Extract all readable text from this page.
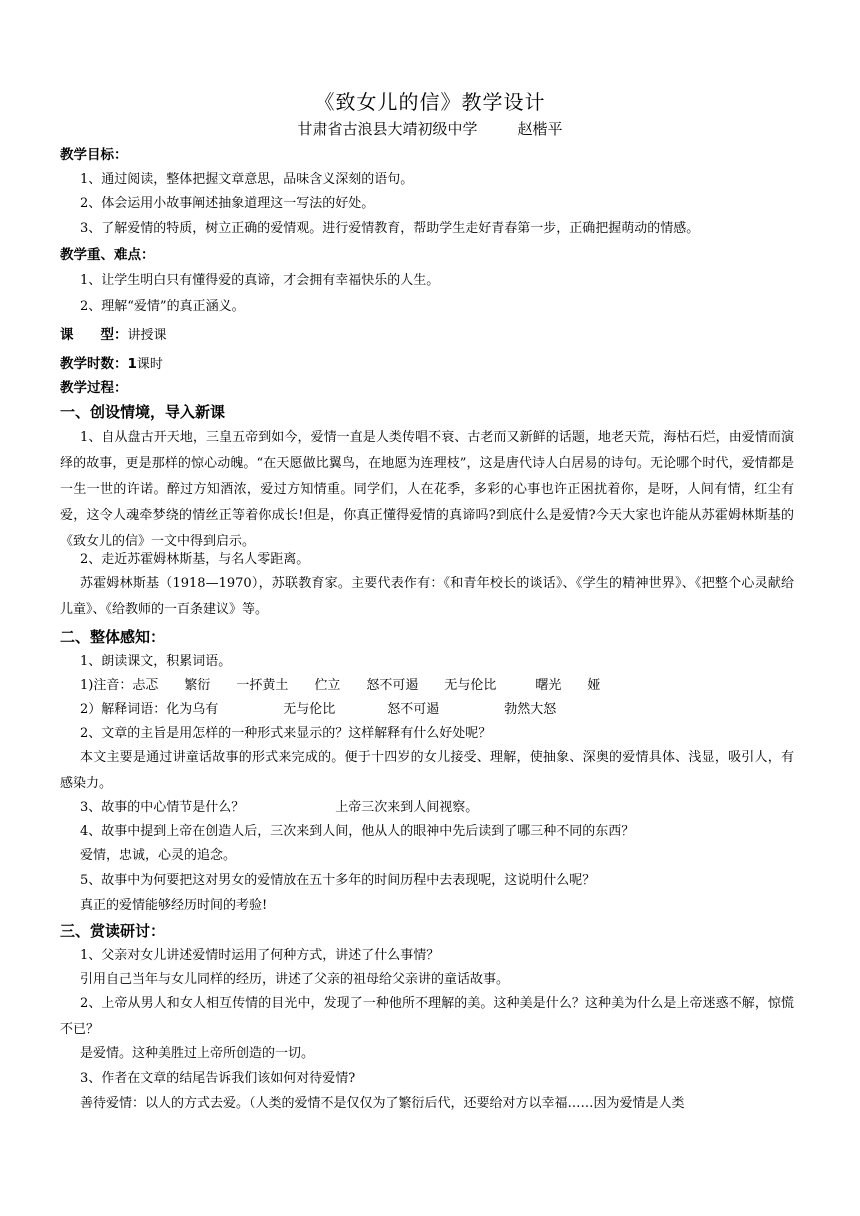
《致女儿的信》教学设计
甘肃省古浪县大靖初级中学	赵楷平
教学目标：
1、通过阅读，整体把握文章意思，品味含义深刻的语句。
2、体会运用小故事阐述抽象道理这一写法的好处。
3、了解爱情的特质，树立正确的爱情观。进行爱情教育，帮助学生走好青春第一步，正确把握萌动的情感。
教学重、难点：
1、让学生明白只有懂得爱的真谛，才会拥有幸福快乐的人生。
2、理解“爱情”的真正涵义。
课　　型：讲授课
教学时数：1课时
教学过程：
一、创设情境，导入新课
1、自从盘古开天地，三皇五帝到如今，爱情一直是人类传唱不衰、古老而又新鲜的话题，地老天荒，海枯石烂，由爱情而演绎的故事，更是那样的惊心动魄。“在天愿做比翼鸟，在地愿为连理枝”，这是唐代诗人白居易的诗句。无论哪个时代，爱情都是一生一世的许诺。醉过方知酒浓，爱过方知情重。同学们，人在花季，多彩的心事也许正困扰着你，是呀，人间有情，红尘有爱，这令人魂牵梦绕的情丝正等着你成长!但是，你真正懂得爱情的真谛吗?到底什么是爱情?今天大家也许能从苏霍姆林斯基的《致女儿的信》一文中得到启示。
2、走近苏霍姆林斯基，与名人零距离。
苏霍姆林斯基（1918—1970），苏联教育家。主要代表作有：《和青年校长的谈话》、《学生的精神世界》、《把整个心灵献给儿童》、《给教师的一百条建议》等。
二、整体感知：
1、朗读课文，积累词语。
1)注音：忐忑　　繁衍　　一抔黄土　　伫立　　怒不可遏　　无与伦比　　　曙光　　娅
2）解释词语：化为乌有　　　　　无与伦比　　　　怒不可遏　　　　　勃然大怒
2、文章的主旨是用怎样的一种形式来显示的？这样解释有什么好处呢？
本文主要是通过讲童话故事的形式来完成的。便于十四岁的女儿接受、理解，使抽象、深奥的爱情具体、浅显，吸引人，有感染力。
3、故事的中心情节是什么？　　　　　　　上帝三次来到人间视察。
4、故事中提到上帝在创造人后，三次来到人间，他从人的眼神中先后读到了哪三种不同的东西？
爱情，忠诚，心灵的追念。
5、故事中为何要把这对男女的爱情放在五十多年的时间历程中去表现呢，这说明什么呢？
真正的爱情能够经历时间的考验!
三、赏读研讨：
1、父亲对女儿讲述爱情时运用了何种方式，讲述了什么事情？
引用自己当年与女儿同样的经历，讲述了父亲的祖母给父亲讲的童话故事。
2、上帝从男人和女人相互传情的目光中，发现了一种他所不理解的美。这种美是什么？这种美为什么是上帝迷惑不解，惊慌不已？
是爱情。这种美胜过上帝所创造的一切。
3、作者在文章的结尾告诉我们该如何对待爱情?
善待爱情：以人的方式去爱。（人类的爱情不是仅仅为了繁衍后代，还要给对方以幸福……因为爱情是人类
